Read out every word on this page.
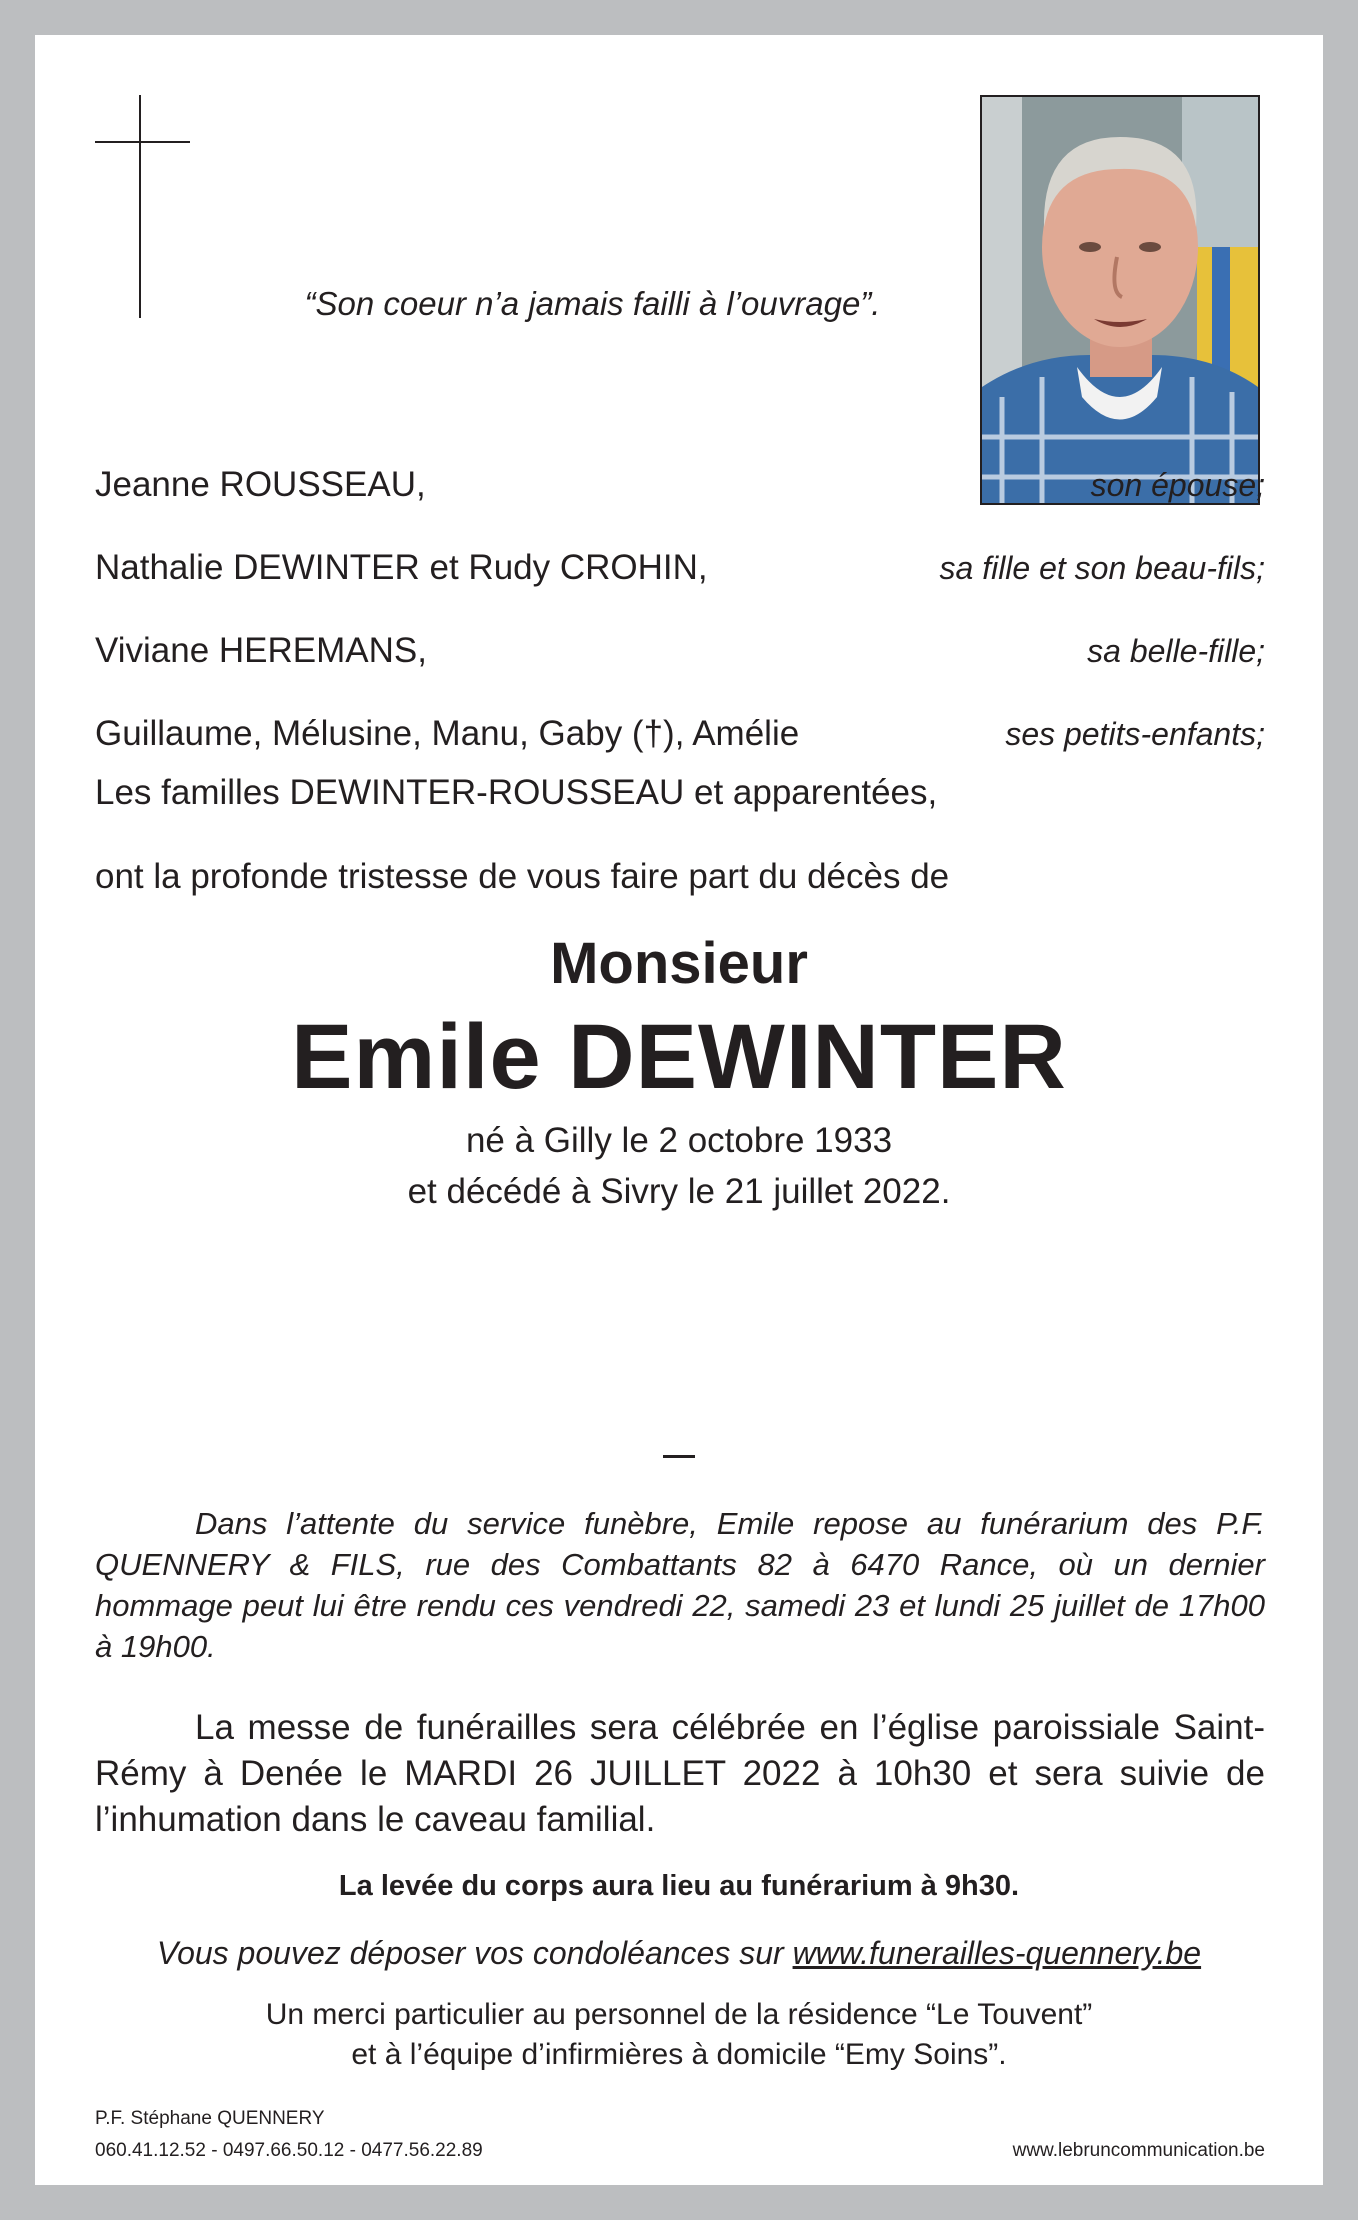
“Son coeur n’a jamais failli à l’ouvrage”.
Jeanne ROUSSEAU,	son épouse;
Nathalie DEWINTER et Rudy CROHIN,	sa fille et son beau-fils;
Viviane HEREMANS,	sa belle-fille;
Guillaume, Mélusine, Manu, Gaby (†), Amélie	ses petits-enfants;
Les familles DEWINTER-ROUSSEAU et apparentées,
ont la profonde tristesse de vous faire part du décès de
Monsieur
Emile DEWINTER
né à Gilly le 2 octobre 1933
et décédé à Sivry le 21 juillet 2022.
Dans l’attente du service funèbre, Emile repose au funérarium des P.F. QUENNERY & FILS, rue des Combattants 82 à 6470 Rance, où un dernier hommage peut lui être rendu ces vendredi 22, samedi 23 et lundi 25 juillet de 17h00 à 19h00.
La messe de funérailles sera célébrée en l’église paroissiale Saint-Rémy à Denée le MARDI 26 JUILLET 2022 à 10h30 et sera suivie de l’inhumation dans le caveau familial.
La levée du corps aura lieu au funérarium à 9h30.
Vous pouvez déposer vos condoléances sur www.funerailles-quennery.be
Un merci particulier au personnel de la résidence “Le Touvent”
et à l’équipe d’infirmières à domicile “Emy Soins”.
P.F. Stéphane QUENNERY
060.41.12.52 - 0497.66.50.12 - 0477.56.22.89	www.lebruncommunication.be
